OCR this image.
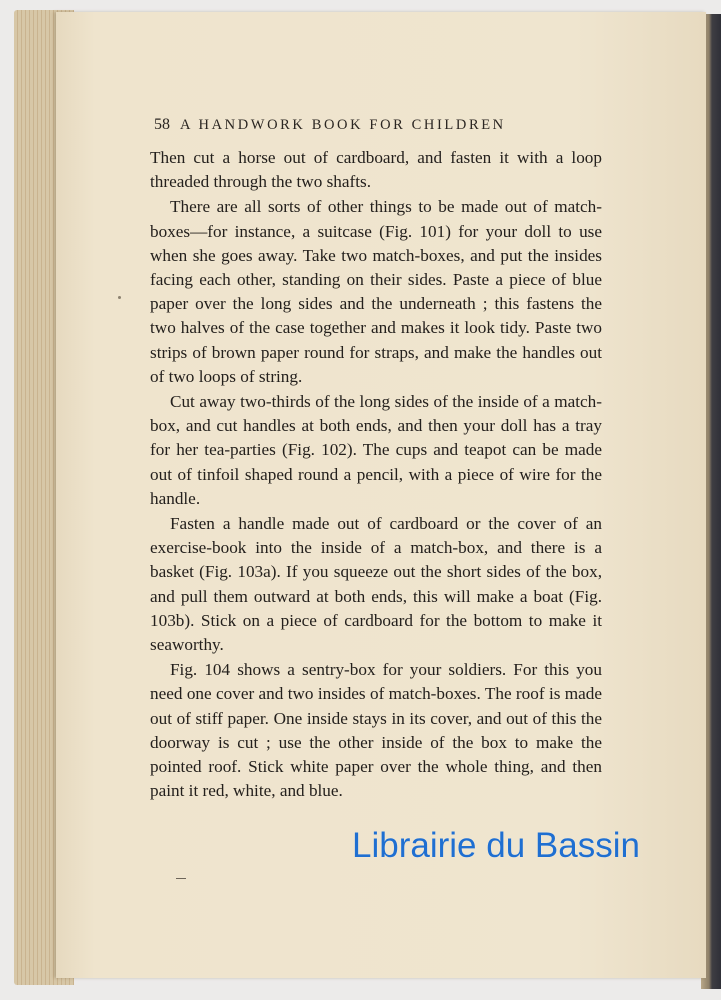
58 A HANDWORK BOOK FOR CHILDREN

Then cut a horse out of cardboard, and fasten it with a loop threaded through the two shafts.

There are all sorts of other things to be made out of match-boxes—for instance, a suitcase (Fig. 101) for your doll to use when she goes away. Take two match-boxes, and put the insides facing each other, standing on their sides. Paste a piece of blue paper over the long sides and the underneath ; this fastens the two halves of the case together and makes it look tidy. Paste two strips of brown paper round for straps, and make the handles out of two loops of string.

Cut away two-thirds of the long sides of the inside of a match-box, and cut handles at both ends, and then your doll has a tray for her tea-parties (Fig. 102). The cups and teapot can be made out of tinfoil shaped round a pencil, with a piece of wire for the handle.

Fasten a handle made out of cardboard or the cover of an exercise-book into the inside of a match-box, and there is a basket (Fig. 103a). If you squeeze out the short sides of the box, and pull them outward at both ends, this will make a boat (Fig. 103b). Stick on a piece of cardboard for the bottom to make it seaworthy.

Fig. 104 shows a sentry-box for your soldiers. For this you need one cover and two insides of match-boxes. The roof is made out of stiff paper. One inside stays in its cover, and out of this the doorway is cut ; use the other inside of the box to make the pointed roof. Stick white paper over the whole thing, and then paint it red, white, and blue.

Librairie du Bassin
